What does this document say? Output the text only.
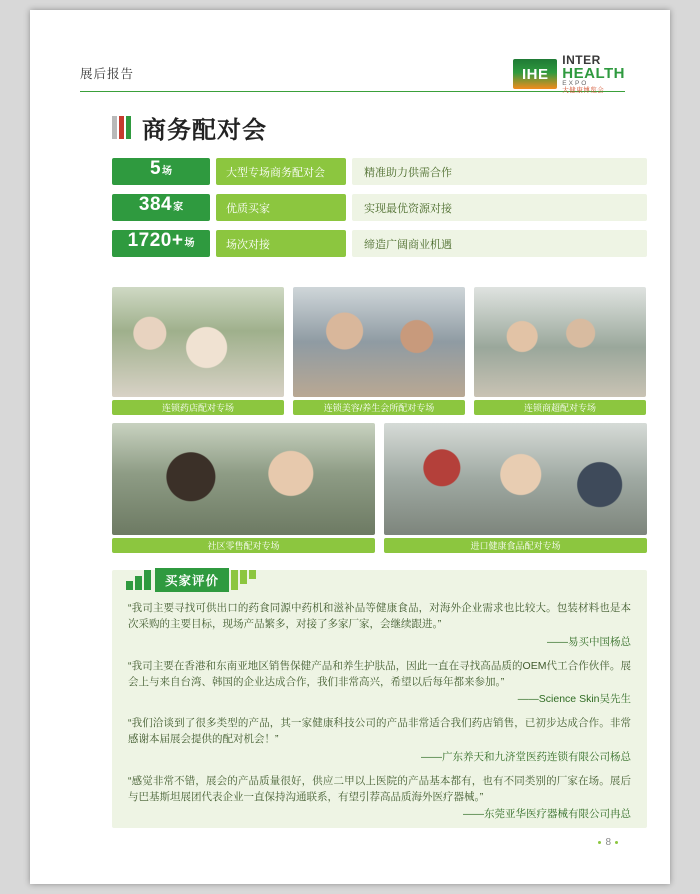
展后报告	IHE
INTER
HEALTH
EXPO
大健康博览会
商务配对会
5 场	大型专场商务配对会	精准助力供需合作
384 家	优质买家	实现最优资源对接
1720+ 场	场次对接	缔造广阔商业机遇
连锁药店配对专场	连锁美容/养生会所配对专场	连锁商超配对专场
社区零售配对专场	进口健康食品配对专场
买家评价
“我司主要寻找可供出口的药食同源中药机和滋补品等健康食品，对海外企业需求也比较大。包装材料也是本次采购的主要目标，现场产品繁多，对接了多家厂家，会继续跟进。”
——易买中国杨总
“我司主要在香港和东南亚地区销售保健产品和养生护肤品，因此一直在寻找高品质的OEM代工合作伙伴。展会上与来自台湾、韩国的企业达成合作，我们非常高兴，希望以后每年都来参加。”
——Science Skin吴先生
“我们洽谈到了很多类型的产品，其一家健康科技公司的产品非常适合我们药店销售，已初步达成合作。非常感谢本届展会提供的配对机会！”
——广东养天和九济堂医药连锁有限公司杨总
“感觉非常不错，展会的产品质量很好，供应二甲以上医院的产品基本都有，也有不同类别的厂家在场。展后与巴基斯坦展团代表企业一直保持沟通联系，有望引荐高品质海外医疗器械。”
——东莞亚华医疗器械有限公司冉总
8
